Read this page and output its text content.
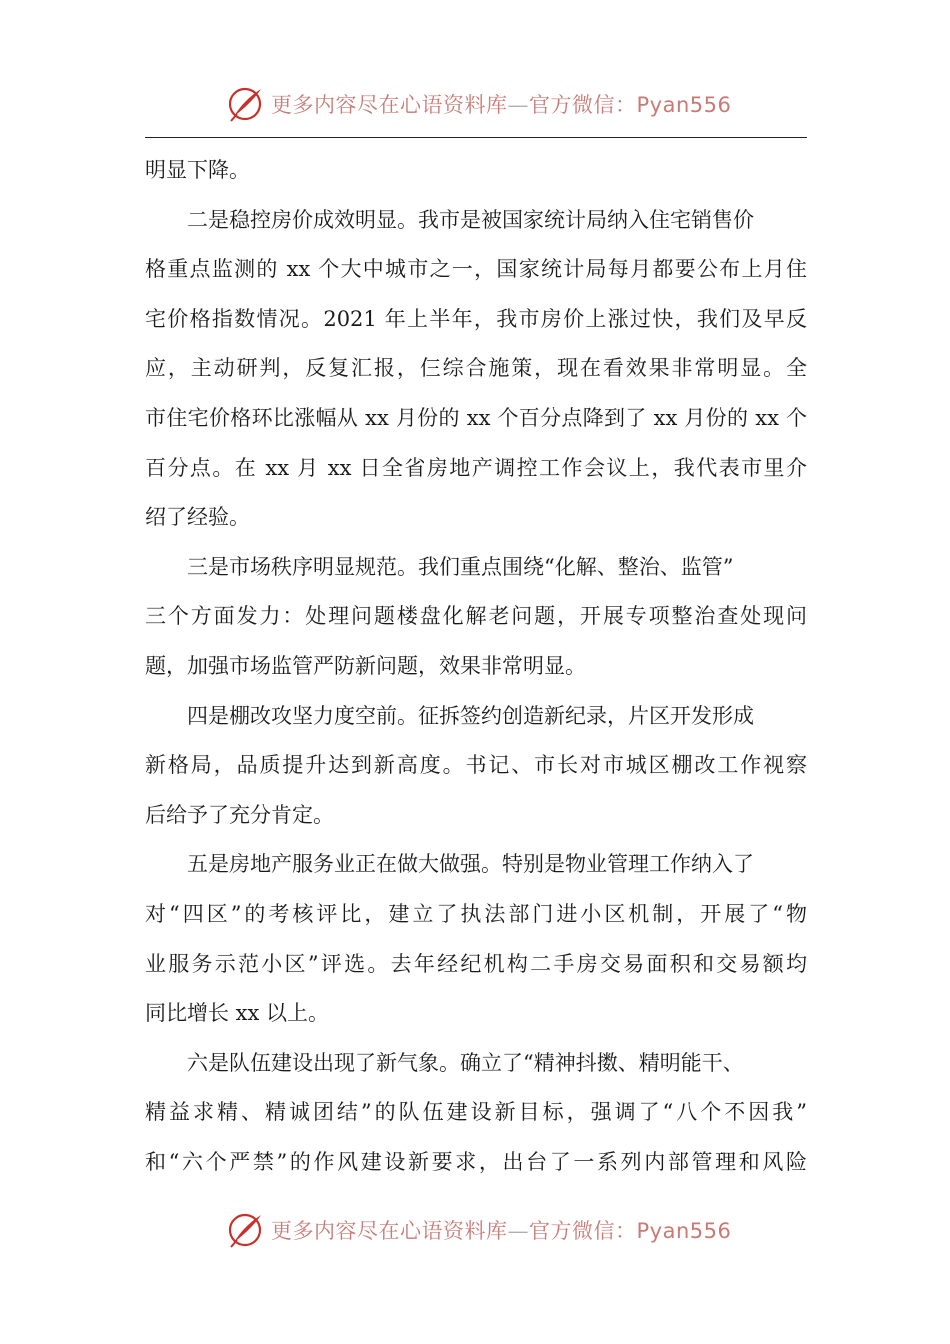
更多内容尽在心语资料库—官方微信：Pyan556
明显下降。
二是稳控房价成效明显。我市是被国家统计局纳入住宅销售价
格重点监测的 xx 个大中城市之一，国家统计局每月都要公布上月住
宅价格指数情况。2021 年上半年，我市房价上涨过快，我们及早反
应，主动研判，反复汇报，仨综合施策，现在看效果非常明显。全
市住宅价格环比涨幅从 xx 月份的 xx 个百分点降到了 xx 月份的 xx 个
百分点。在 xx 月 xx 日全省房地产调控工作会议上，我代表市里介
绍了经验。
三是市场秩序明显规范。我们重点围绕“化解、整治、监管”
三个方面发力：处理问题楼盘化解老问题，开展专项整治查处现问
题，加强市场监管严防新问题，效果非常明显。
四是棚改攻坚力度空前。征拆签约创造新纪录，片区开发形成
新格局，品质提升达到新高度。书记、市长对市城区棚改工作视察
后给予了充分肯定。
五是房地产服务业正在做大做强。特别是物业管理工作纳入了
对“四区”的考核评比，建立了执法部门进小区机制，开展了“物
业服务示范小区”评选。去年经纪机构二手房交易面积和交易额均
同比增长 xx 以上。
六是队伍建设出现了新气象。确立了“精神抖擞、精明能干、
精益求精、精诚团结”的队伍建设新目标，强调了“八个不因我”
和“六个严禁”的作风建设新要求，出台了一系列内部管理和风险
更多内容尽在心语资料库—官方微信：Pyan556
